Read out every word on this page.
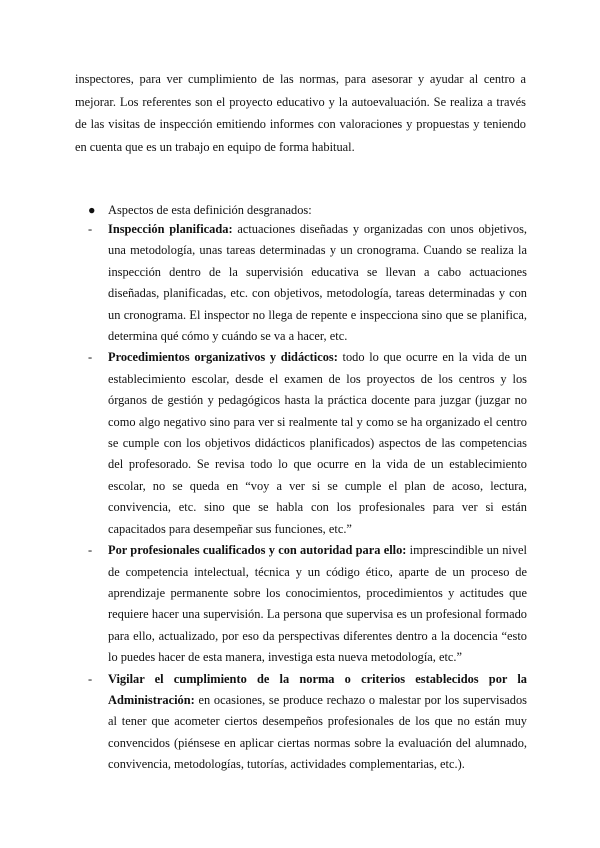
inspectores, para ver cumplimiento de las normas, para asesorar y ayudar al centro a mejorar. Los referentes son el proyecto educativo y la autoevaluación. Se realiza a través de las visitas de inspección emitiendo informes con valoraciones y propuestas y teniendo en cuenta que es un trabajo en equipo de forma habitual.

●	Aspectos de esta definición desgranados:
-	Inspección planificada: actuaciones diseñadas y organizadas con unos objetivos, una metodología, unas tareas determinadas y un cronograma. Cuando se realiza la inspección dentro de la supervisión educativa se llevan a cabo actuaciones diseñadas, planificadas, etc. con objetivos, metodología, tareas determinadas y con un cronograma. El inspector no llega de repente e inspecciona sino que se planifica, determina qué cómo y cuándo se va a hacer, etc.

-	Procedimientos organizativos y didácticos: todo lo que ocurre en la vida de un establecimiento escolar, desde el examen de los proyectos de los centros y los órganos de gestión y pedagógicos hasta la práctica docente para juzgar (juzgar no como algo negativo sino para ver si realmente tal y como se ha organizado el centro se cumple con los objetivos didácticos planificados) aspectos de las competencias del profesorado. Se revisa todo lo que ocurre en la vida de un establecimiento escolar, no se queda en “voy a ver si se cumple el plan de acoso, lectura, convivencia, etc. sino que se habla con los profesionales para ver si están capacitados para desempeñar sus funciones, etc.”

-	Por profesionales cualificados y con autoridad para ello: imprescindible un nivel de competencia intelectual, técnica y un código ético, aparte de un proceso de aprendizaje permanente sobre los conocimientos, procedimientos y actitudes que requiere hacer una supervisión. La persona que supervisa es un profesional formado para ello, actualizado, por eso da perspectivas diferentes dentro a la docencia “esto lo puedes hacer de esta manera, investiga esta nueva metodología, etc.”

-	Vigilar el cumplimiento de la norma o criterios establecidos por la Administración: en ocasiones, se produce rechazo o malestar por los supervisados al tener que acometer ciertos desempeños profesionales de los que no están muy convencidos (piénsese en aplicar ciertas normas sobre la evaluación del alumnado, convivencia, metodologías, tutorías, actividades complementarias, etc.).
